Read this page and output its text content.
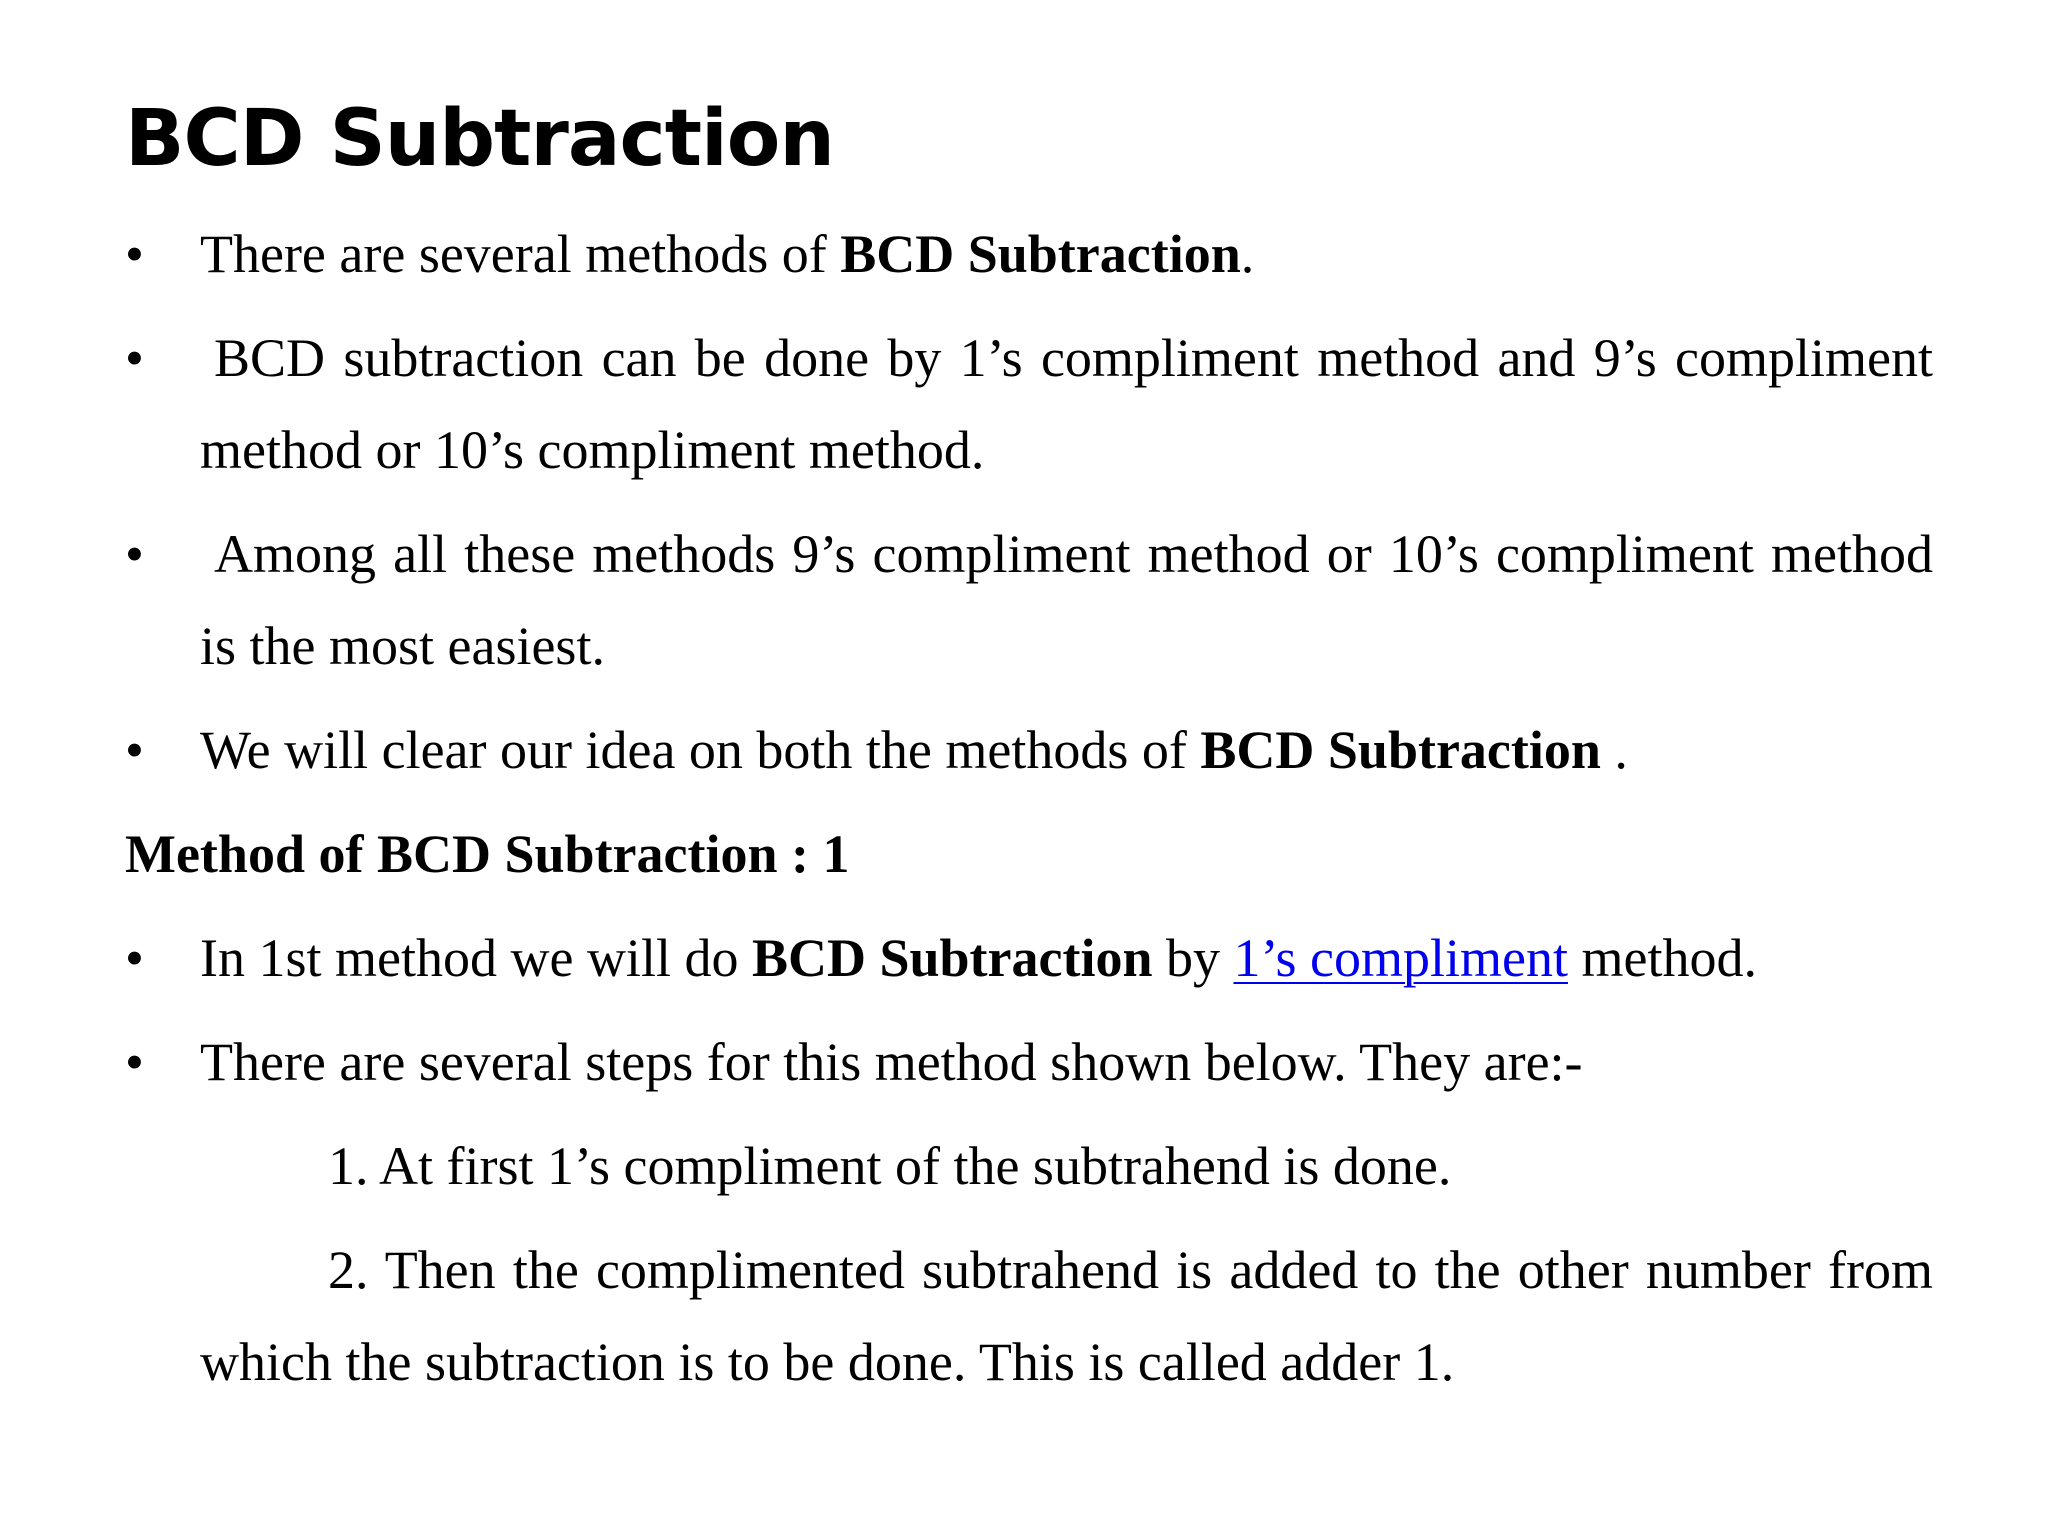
BCD Subtraction
• There are several methods of BCD Subtraction.
• BCD subtraction can be done by 1’s compliment method and 9’s compliment method or 10’s compliment method.
• Among all these methods 9’s compliment method or 10’s compliment method is the most easiest.
• We will clear our idea on both the methods of BCD Subtraction .
Method of BCD Subtraction : 1
• In 1st method we will do BCD Subtraction by 1’s compliment method.
• There are several steps for this method shown below. They are:-
1. At first 1’s compliment of the subtrahend is done.
2. Then the complimented subtrahend is added to the other number from which the subtraction is to be done. This is called adder 1.
